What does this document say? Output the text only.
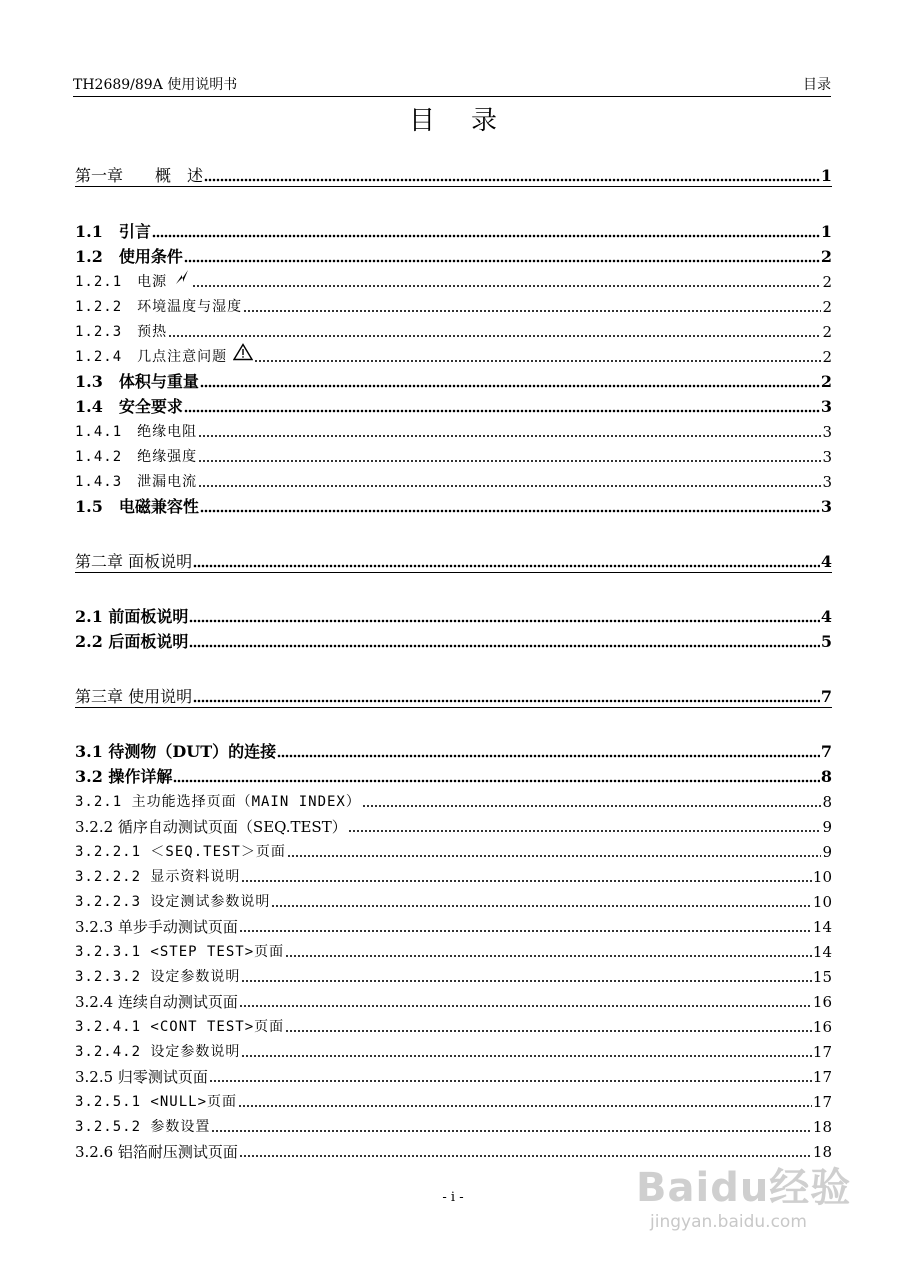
TH2689/89A 使用说明书	目录
目录
第一章　　概　述	1
1.1　引言	1
1.2　使用条件	2
1.2.1　电源	2
1.2.2　环境温度与湿度	2
1.2.3　预热	2
1.2.4　几点注意问题	2
1.3　体积与重量	2
1.4　安全要求	3
1.4.1　绝缘电阻	3
1.4.2　绝缘强度	3
1.4.3　泄漏电流	3
1.5　电磁兼容性	3
第二章 面板说明	4
2.1 前面板说明	4
2.2 后面板说明	5
第三章 使用说明	7
3.1 待测物（DUT）的连接	7
3.2 操作详解	8
3.2.1 主功能选择页面（MAIN INDEX）	8
3.2.2 循序自动测试页面（SEQ.TEST）	9
3.2.2.1 ＜SEQ.TEST＞页面	9
3.2.2.2 显示资料说明	10
3.2.2.3 设定测试参数说明	10
3.2.3 单步手动测试页面	14
3.2.3.1 <STEP TEST>页面	14
3.2.3.2 设定参数说明	15
3.2.4 连续自动测试页面	16
3.2.4.1 <CONT TEST>页面	16
3.2.4.2 设定参数说明	17
3.2.5 归零测试页面	17
3.2.5.1 <NULL>页面	17
3.2.5.2 参数设置	18
3.2.6 铝箔耐压测试页面	18
- i -	Baidu经验
jingyan.baidu.com
